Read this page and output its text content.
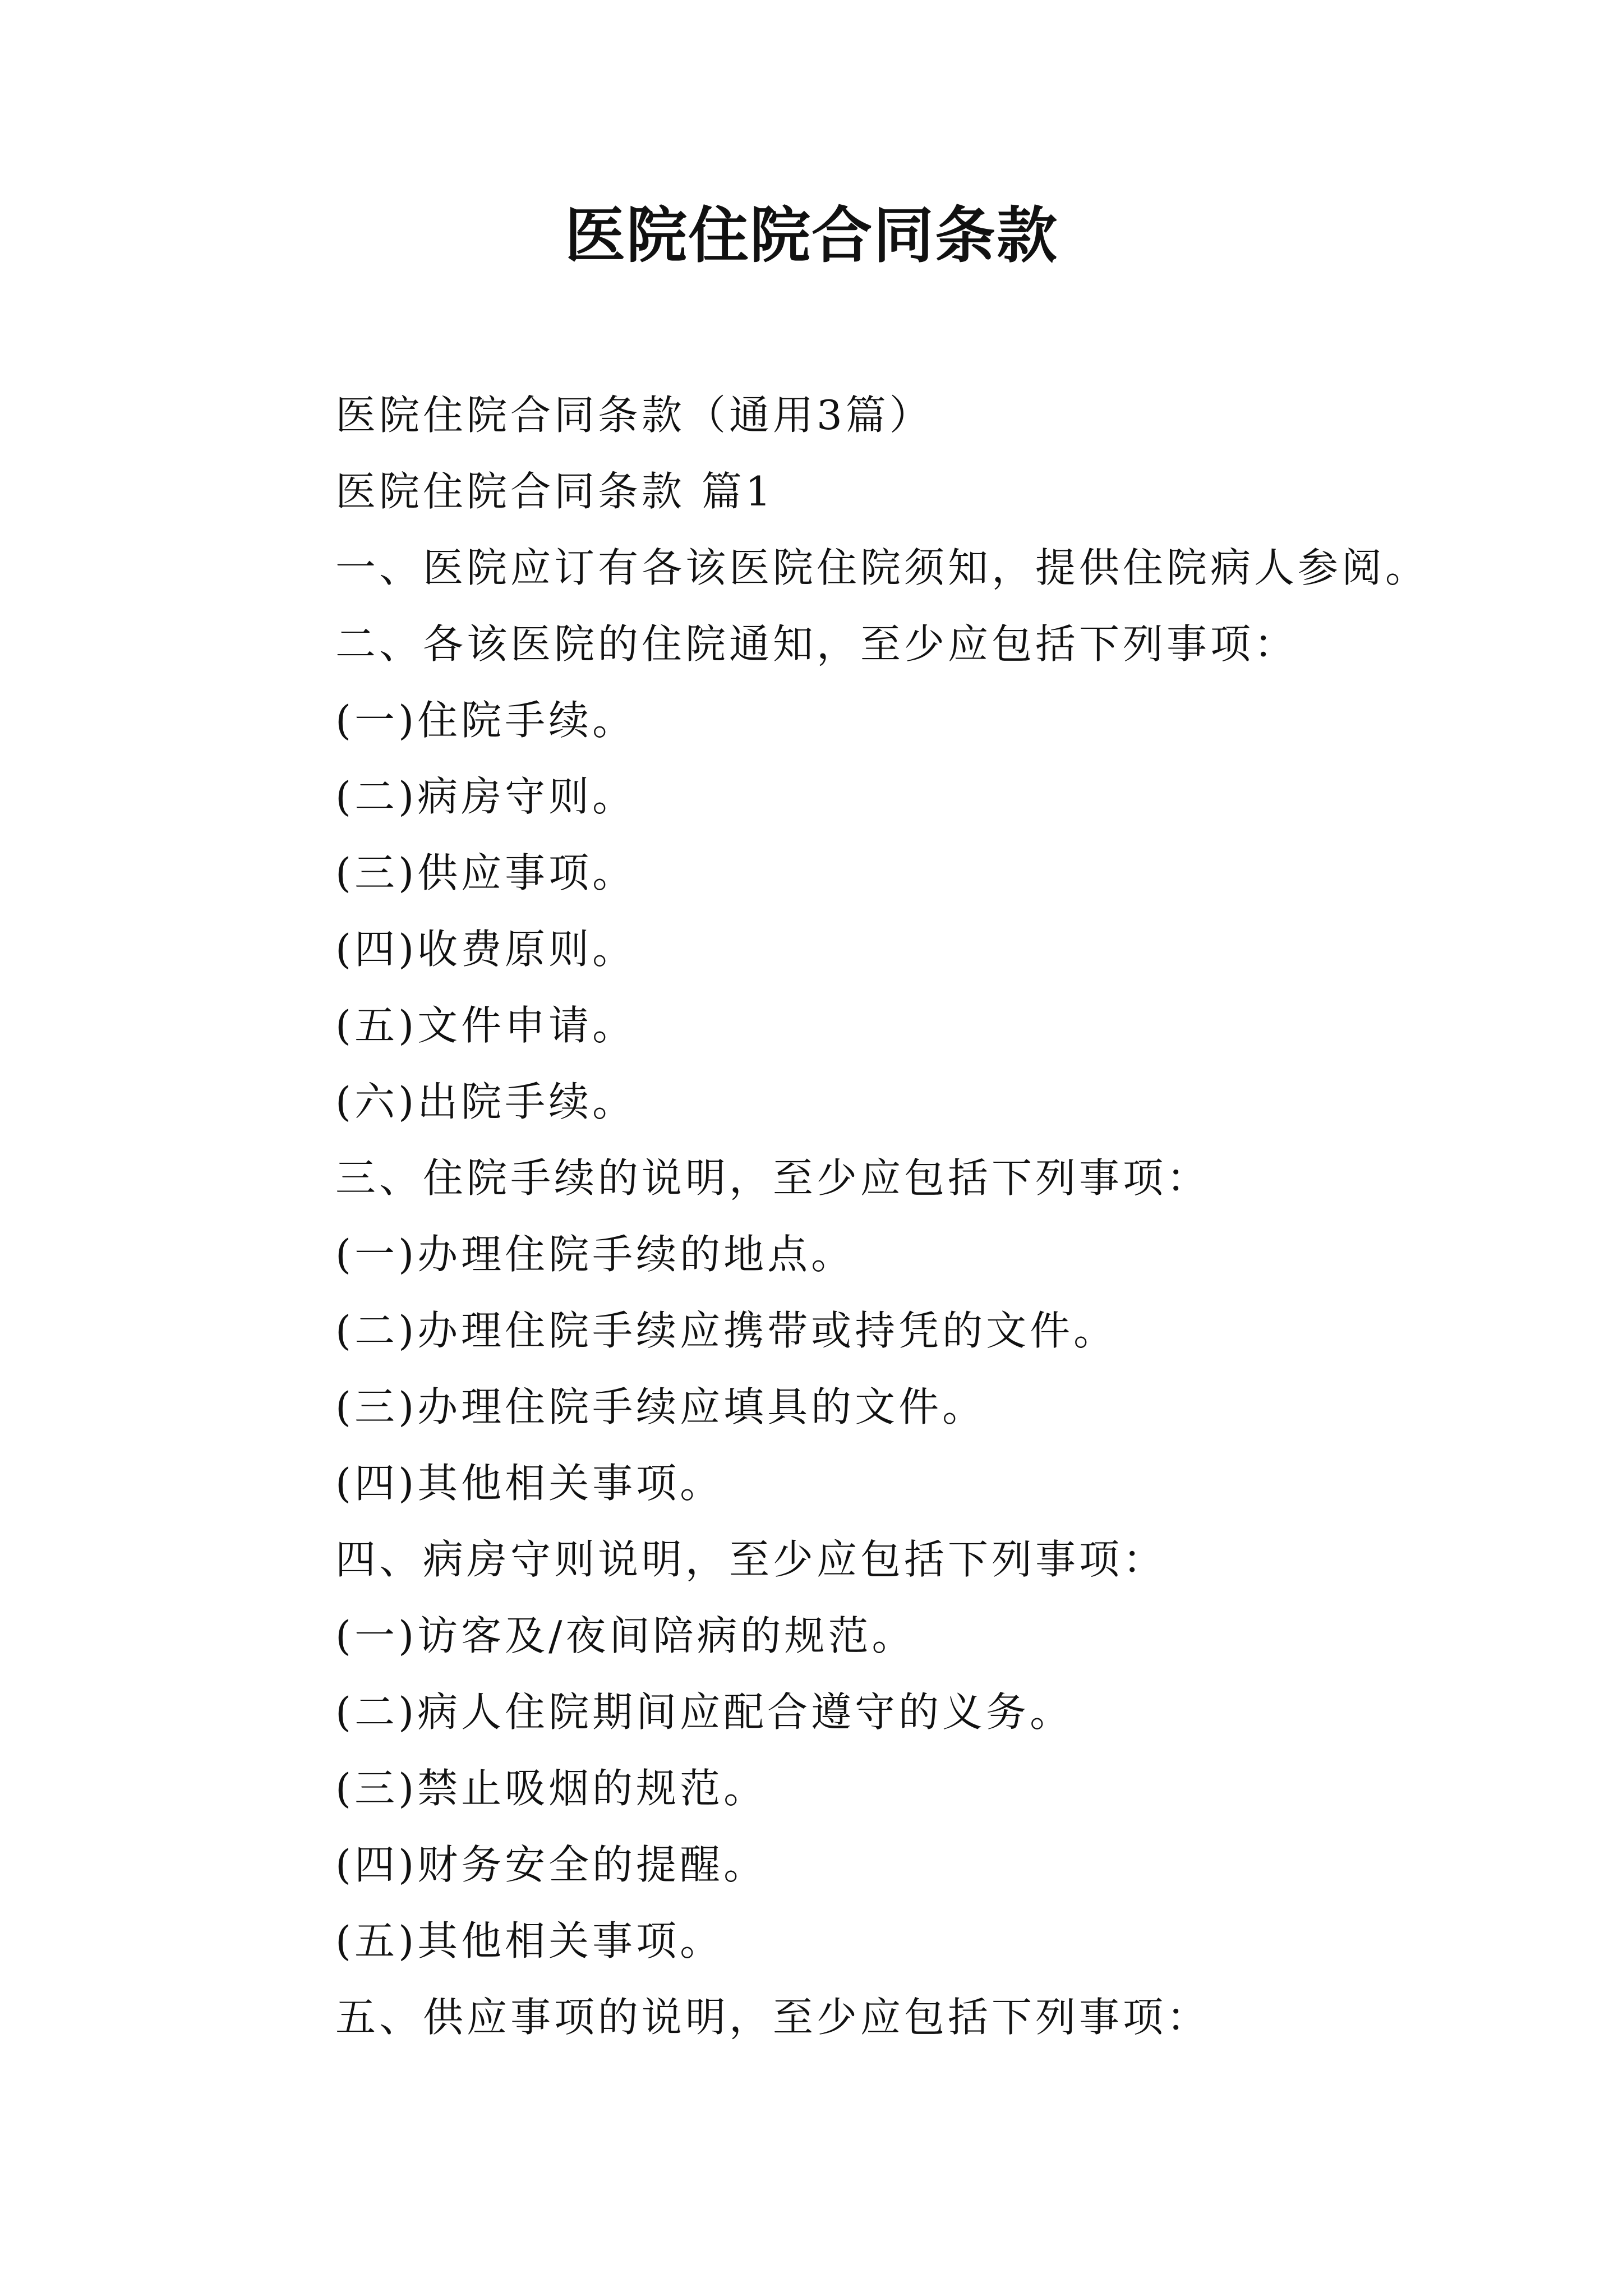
医院住院合同条款
医院住院合同条款（通用3篇）
医院住院合同条款 篇1
一、医院应订有各该医院住院须知，提供住院病人参阅。
二、各该医院的住院通知，至少应包括下列事项：
(一)住院手续。
(二)病房守则。
(三)供应事项。
(四)收费原则。
(五)文件申请。
(六)出院手续。
三、住院手续的说明，至少应包括下列事项：
(一)办理住院手续的地点。
(二)办理住院手续应携带或持凭的文件。
(三)办理住院手续应填具的文件。
(四)其他相关事项。
四、病房守则说明，至少应包括下列事项：
(一)访客及/夜间陪病的规范。
(二)病人住院期间应配合遵守的义务。
(三)禁止吸烟的规范。
(四)财务安全的提醒。
(五)其他相关事项。
五、供应事项的说明，至少应包括下列事项：
